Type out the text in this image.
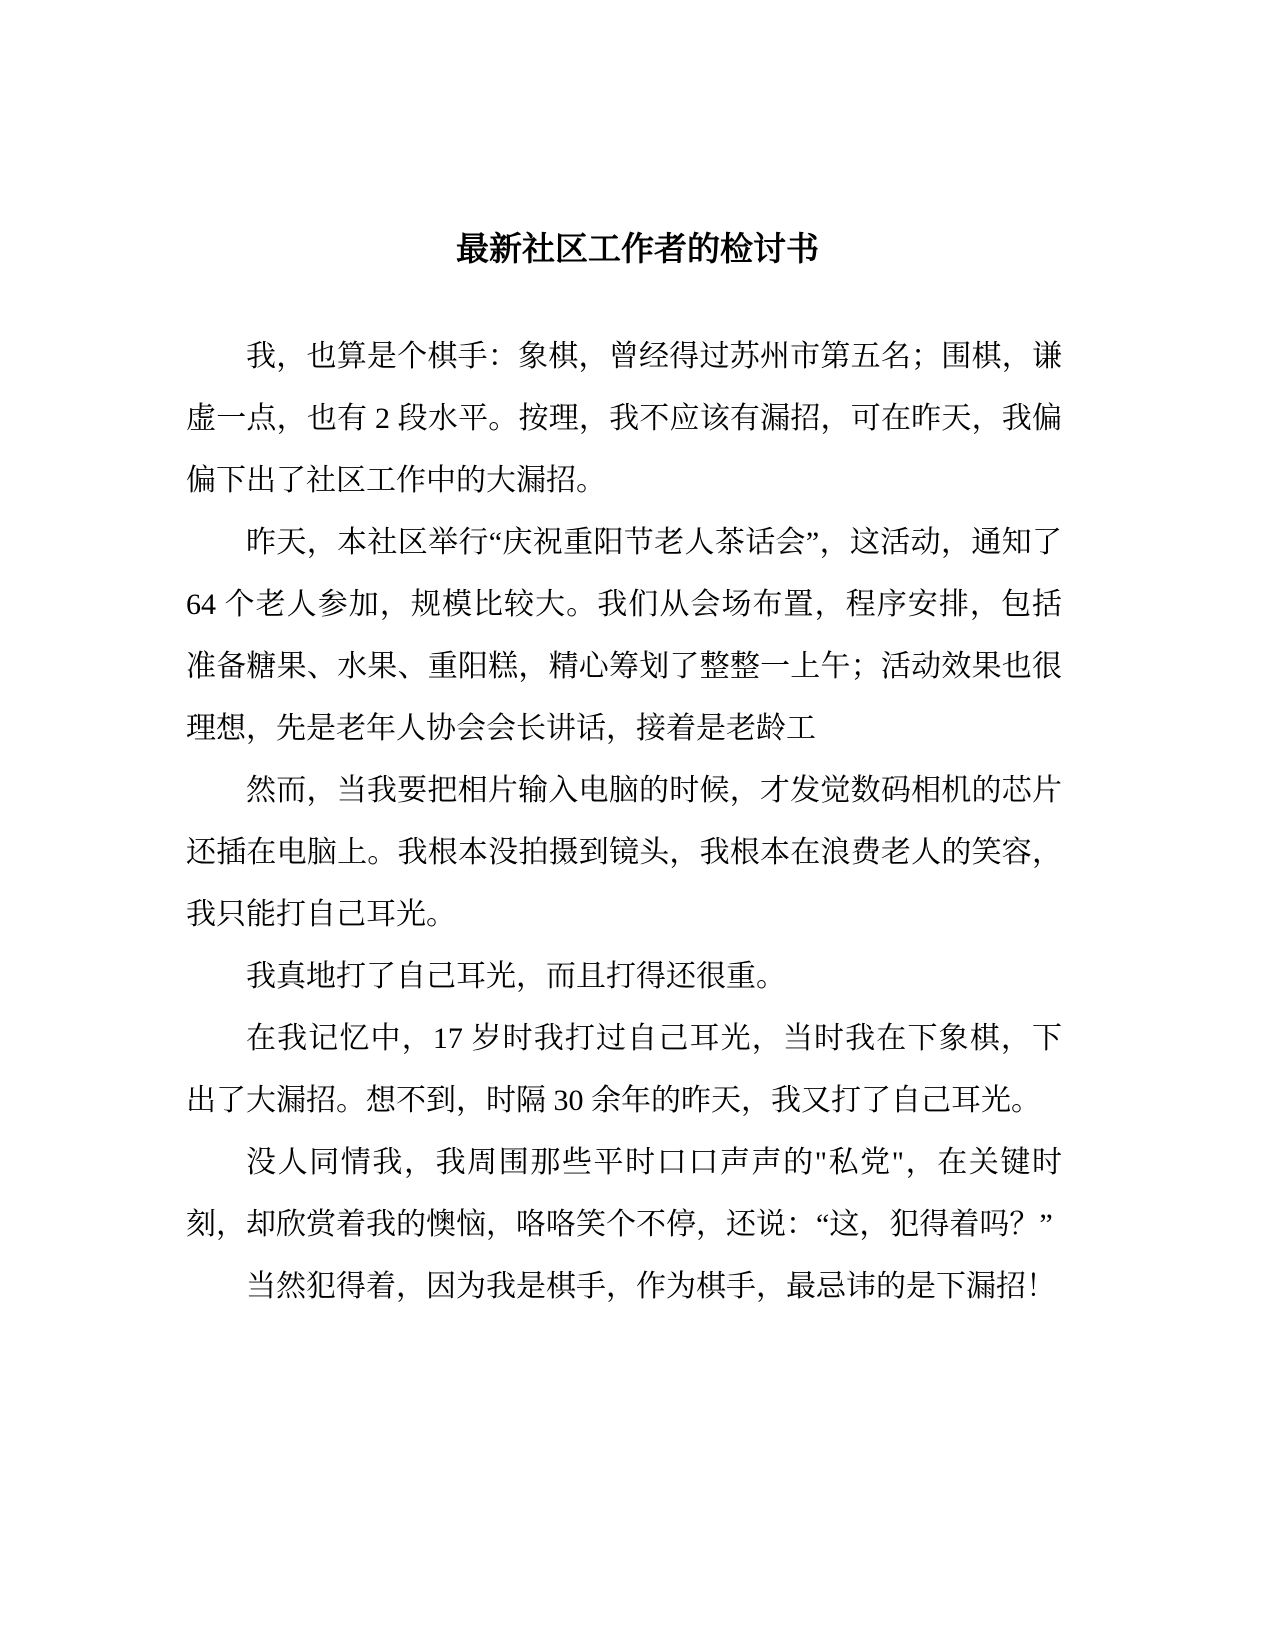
最新社区工作者的检讨书

我，也算是个棋手：象棋，曾经得过苏州市第五名；围棋，谦虚一点，也有 2 段水平。按理，我不应该有漏招，可在昨天，我偏偏下出了社区工作中的大漏招。

昨天，本社区举行“庆祝重阳节老人茶话会”，这活动，通知了 64 个老人参加，规模比较大。我们从会场布置，程序安排，包括准备糖果、水果、重阳糕，精心筹划了整整一上午；活动效果也很理想，先是老年人协会会长讲话，接着是老龄工

然而，当我要把相片输入电脑的时候，才发觉数码相机的芯片还插在电脑上。我根本没拍摄到镜头，我根本在浪费老人的笑容，我只能打自己耳光。

我真地打了自己耳光，而且打得还很重。

在我记忆中，17 岁时我打过自己耳光，当时我在下象棋，下出了大漏招。想不到，时隔 30 余年的昨天，我又打了自己耳光。

没人同情我，我周围那些平时口口声声的"私党"，在关键时刻，却欣赏着我的懊恼，咯咯笑个不停，还说：“这，犯得着吗？”

当然犯得着，因为我是棋手，作为棋手，最忌讳的是下漏招！
